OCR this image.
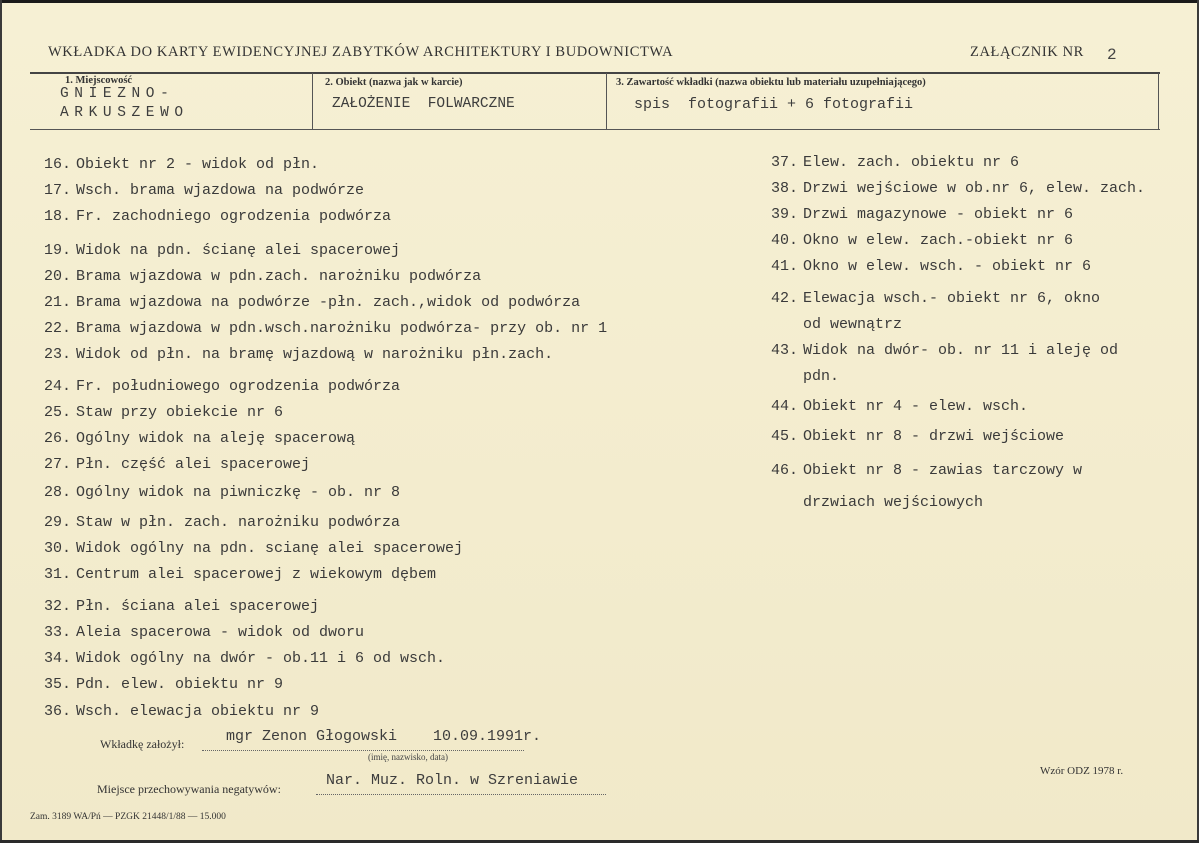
WKŁADKA DO KARTY EWIDENCYJNEJ ZABYTKÓW ARCHITEKTURY I BUDOWNICTWA	ZAŁĄCZNIK NR 2
1. Miejscowość
GNIEZNO-
ARKUSZEWO
2. Obiekt (nazwa jak w karcie)
ZAŁOŻENIE  FOLWARCZNE
3. Zawartość wkładki (nazwa obiektu lub materiału uzupełniającego)
spis  fotografii + 6 fotografii
16. Obiekt nr 2 - widok od płn.
17. Wsch. brama wjazdowa na podwórze
18. Fr. zachodniego ogrodzenia podwórza
19. Widok na pdn. ścianę alei spacerowej
20. Brama wjazdowa w pdn.zach. narożniku podwórza
21. Brama wjazdowa na podwórze -płn. zach.,widok od podwórza
22. Brama wjazdowa w pdn.wsch.narożniku podwórza- przy ob. nr 1
23. Widok od płn. na bramę wjazdową w narożniku płn.zach.
24. Fr. południowego ogrodzenia podwórza
25. Staw przy obiekcie nr 6
26. Ogólny widok na aleję spacerową
27. Płn. część alei spacerowej
28. Ogólny widok na piwniczkę - ob. nr 8
29. Staw w płn. zach. narożniku podwórza
30. Widok ogólny na pdn. scianę alei spacerowej
31. Centrum alei spacerowej z wiekowym dębem
32. Płn. ściana alei spacerowej
33. Aleia spacerowa - widok od dworu
34. Widok ogólny na dwór - ob.11 i 6 od wsch.
35. Pdn. elew. obiektu nr 9
36. Wsch. elewacja obiektu nr 9
37. Elew. zach. obiektu nr 6
38. Drzwi wejściowe w ob.nr 6, elew. zach.
39. Drzwi magazynowe - obiekt nr 6
40. Okno w elew. zach.-obiekt nr 6
41. Okno w elew. wsch. - obiekt nr 6
42. Elewacja wsch.- obiekt nr 6, okno
od wewnątrz
43. Widok na dwór- ob. nr 11 i aleję od
pdn.
44. Obiekt nr 4 - elew. wsch.
45. Obiekt nr 8 - drzwi wejściowe
46. Obiekt nr 8 - zawias tarczowy w
drzwiach wejściowych
Wkładkę założył:	mgr Zenon Głogowski    10.09.1991r.
(imię, nazwisko, data)
Miejsce przechowywania negatywów:	Nar. Muz. Roln. w Szreniawie
Wzór ODZ 1978 r.
Zam. 3189 WA/Pń — PZGK 21448/1/88 — 15.000
